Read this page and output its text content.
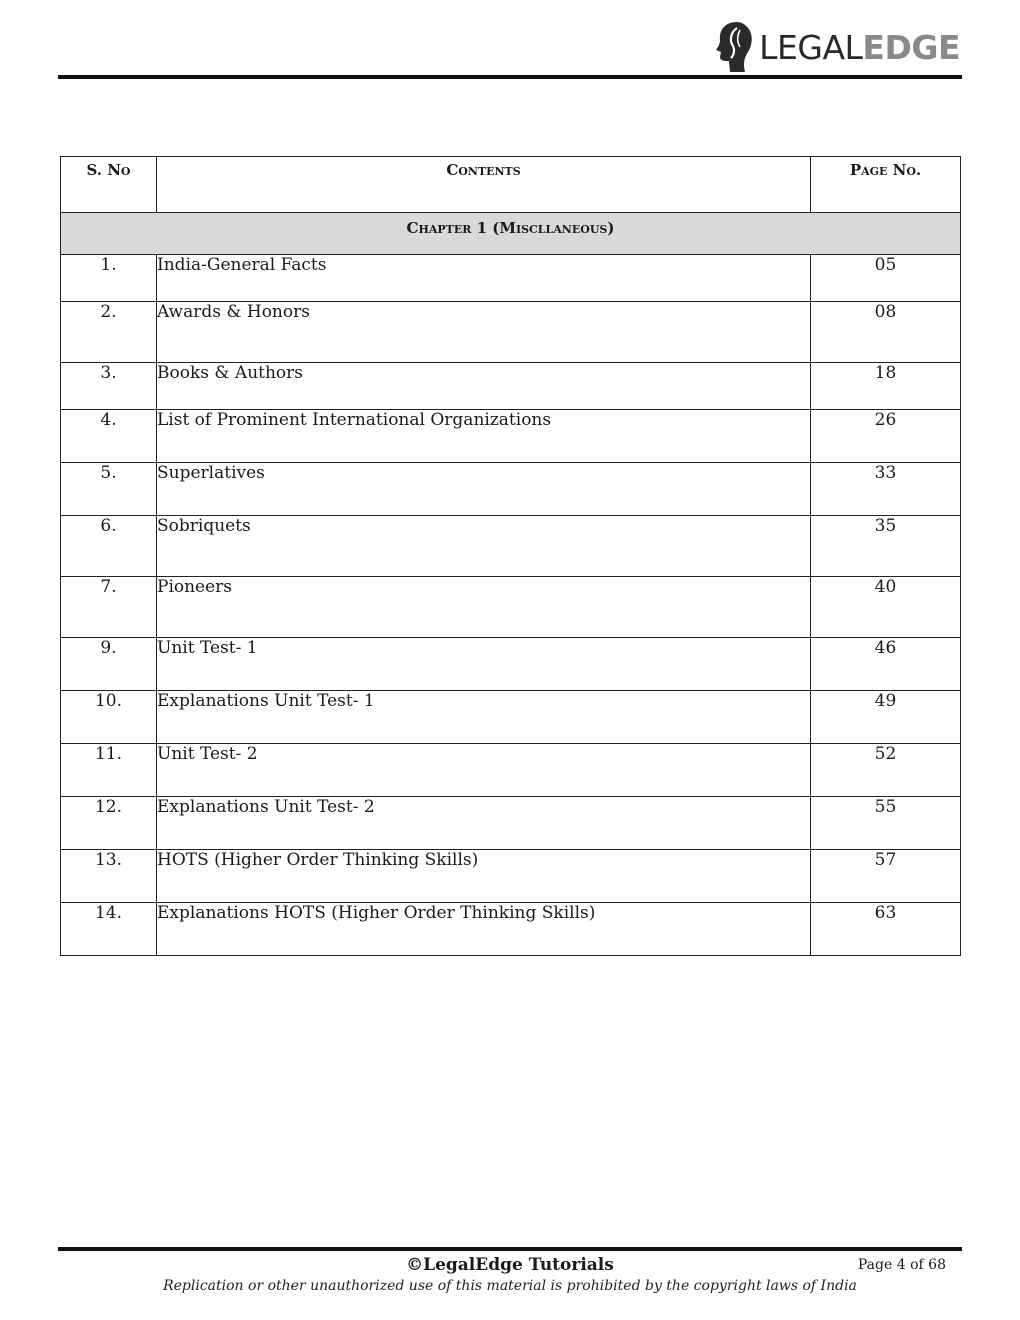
LEGALEDGE
S. No	Contents	Page No.
Chapter 1 (Miscllaneous)		
1.	India-General Facts	05
2.	Awards & Honors	08
3.	Books & Authors	18
4.	List of Prominent International Organizations	26
5.	Superlatives	33
6.	Sobriquets	35
7.	Pioneers	40
9.	Unit Test- 1	46
10.	Explanations Unit Test- 1	49
11.	Unit Test- 2	52
12.	Explanations Unit Test- 2	55
13.	HOTS (Higher Order Thinking Skills)	57
14.	Explanations HOTS (Higher Order Thinking Skills)	63
©LegalEdge Tutorials	Page 4 of 68
Replication or other unauthorized use of this material is prohibited by the copyright laws of India
